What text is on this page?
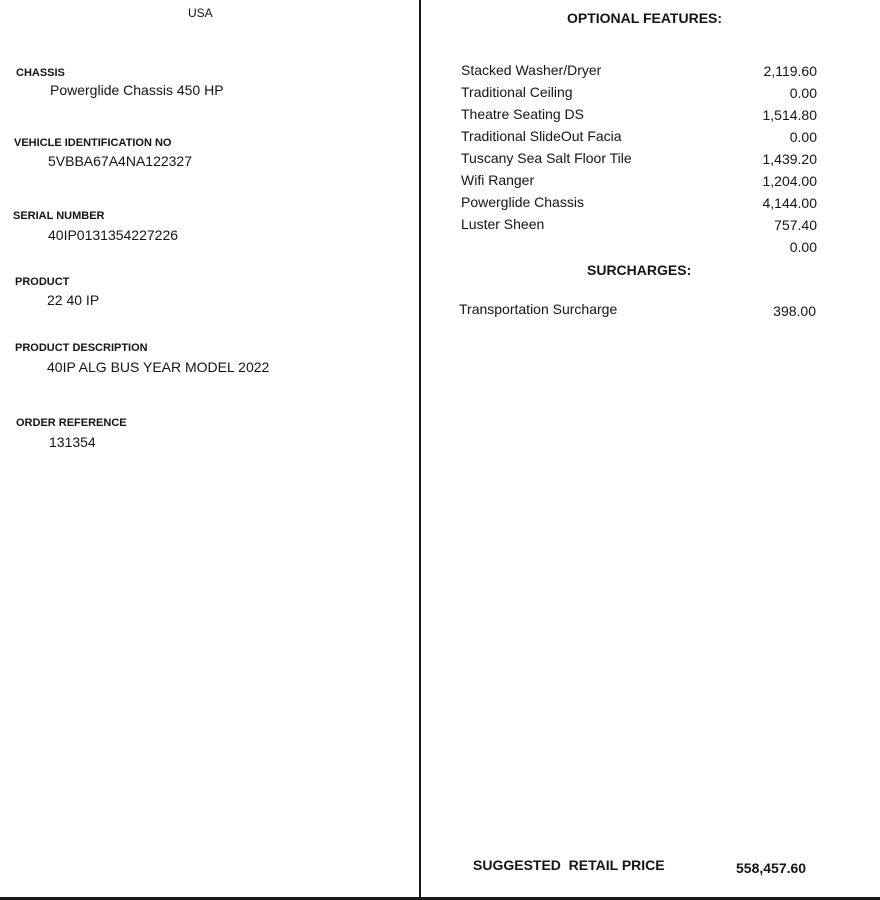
USA
CHASSIS
Powerglide Chassis 450 HP
VEHICLE IDENTIFICATION NO
5VBBA67A4NA122327
SERIAL NUMBER
40IP0131354227226
PRODUCT
22 40 IP
PRODUCT DESCRIPTION
40IP ALG BUS YEAR MODEL 2022
ORDER REFERENCE
131354
OPTIONAL FEATURES:
Stacked Washer/Dryer	2,119.60
Traditional Ceiling	0.00
Theatre Seating DS	1,514.80
Traditional SlideOut Facia	0.00
Tuscany Sea Salt Floor Tile	1,439.20
Wifi Ranger	1,204.00
Powerglide Chassis	4,144.00
Luster Sheen	757.40
0.00
SURCHARGES:
Transportation Surcharge	398.00
SUGGESTED  RETAIL PRICE	558,457.60
